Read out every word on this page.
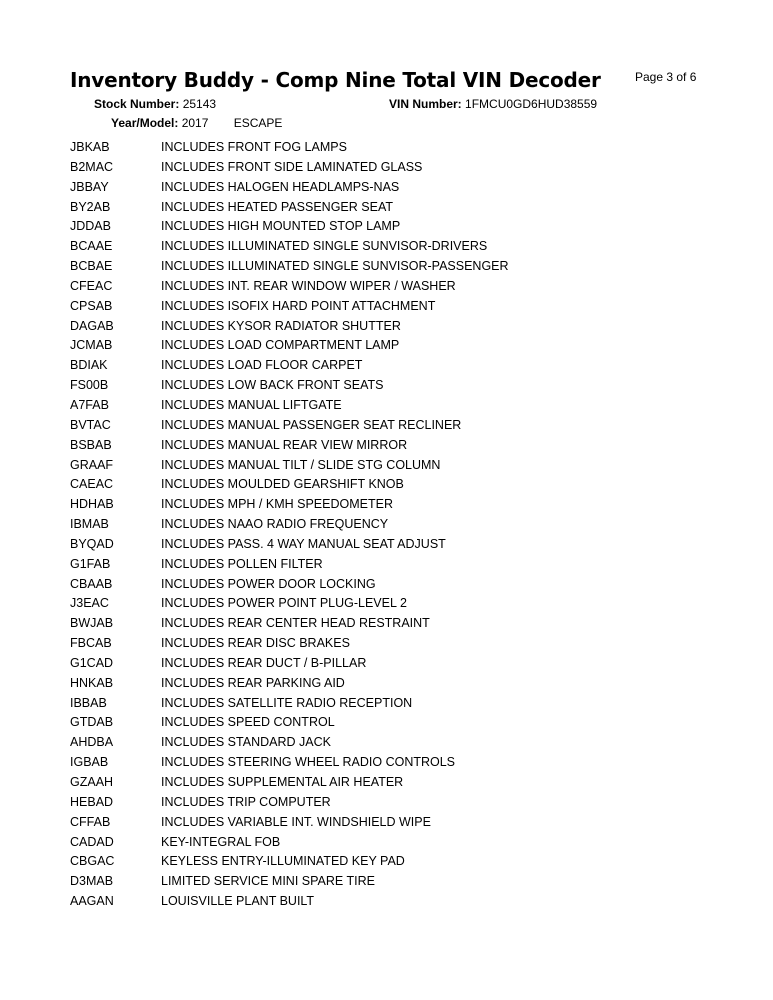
Inventory Buddy - Comp Nine Total VIN Decoder	Page 3 of 6
Stock Number: 25143	VIN Number: 1FMCU0GD6HUD38559
Year/Model: 2017 ESCAPE
JBKAB	INCLUDES FRONT FOG LAMPS
B2MAC	INCLUDES FRONT SIDE LAMINATED GLASS
JBBAY	INCLUDES HALOGEN HEADLAMPS-NAS
BY2AB	INCLUDES HEATED PASSENGER SEAT
JDDAB	INCLUDES HIGH MOUNTED STOP LAMP
BCAAE	INCLUDES ILLUMINATED SINGLE SUNVISOR-DRIVERS
BCBAE	INCLUDES ILLUMINATED SINGLE SUNVISOR-PASSENGER
CFEAC	INCLUDES INT. REAR WINDOW WIPER / WASHER
CPSAB	INCLUDES ISOFIX HARD POINT ATTACHMENT
DAGAB	INCLUDES KYSOR RADIATOR SHUTTER
JCMAB	INCLUDES LOAD COMPARTMENT LAMP
BDIAK	INCLUDES LOAD FLOOR CARPET
FS00B	INCLUDES LOW BACK FRONT SEATS
A7FAB	INCLUDES MANUAL LIFTGATE
BVTAC	INCLUDES MANUAL PASSENGER SEAT RECLINER
BSBAB	INCLUDES MANUAL REAR VIEW MIRROR
GRAAF	INCLUDES MANUAL TILT / SLIDE STG COLUMN
CAEAC	INCLUDES MOULDED GEARSHIFT KNOB
HDHAB	INCLUDES MPH / KMH SPEEDOMETER
IBMAB	INCLUDES NAAO RADIO FREQUENCY
BYQAD	INCLUDES PASS. 4 WAY MANUAL SEAT ADJUST
G1FAB	INCLUDES POLLEN FILTER
CBAAB	INCLUDES POWER DOOR LOCKING
J3EAC	INCLUDES POWER POINT PLUG-LEVEL 2
BWJAB	INCLUDES REAR CENTER HEAD RESTRAINT
FBCAB	INCLUDES REAR DISC BRAKES
G1CAD	INCLUDES REAR DUCT / B-PILLAR
HNKAB	INCLUDES REAR PARKING AID
IBBAB	INCLUDES SATELLITE RADIO RECEPTION
GTDAB	INCLUDES SPEED CONTROL
AHDBA	INCLUDES STANDARD JACK
IGBAB	INCLUDES STEERING WHEEL RADIO CONTROLS
GZAAH	INCLUDES SUPPLEMENTAL AIR HEATER
HEBAD	INCLUDES TRIP COMPUTER
CFFAB	INCLUDES VARIABLE INT. WINDSHIELD WIPE
CADAD	KEY-INTEGRAL FOB
CBGAC	KEYLESS ENTRY-ILLUMINATED KEY PAD
D3MAB	LIMITED SERVICE MINI SPARE TIRE
AAGAN	LOUISVILLE PLANT BUILT
